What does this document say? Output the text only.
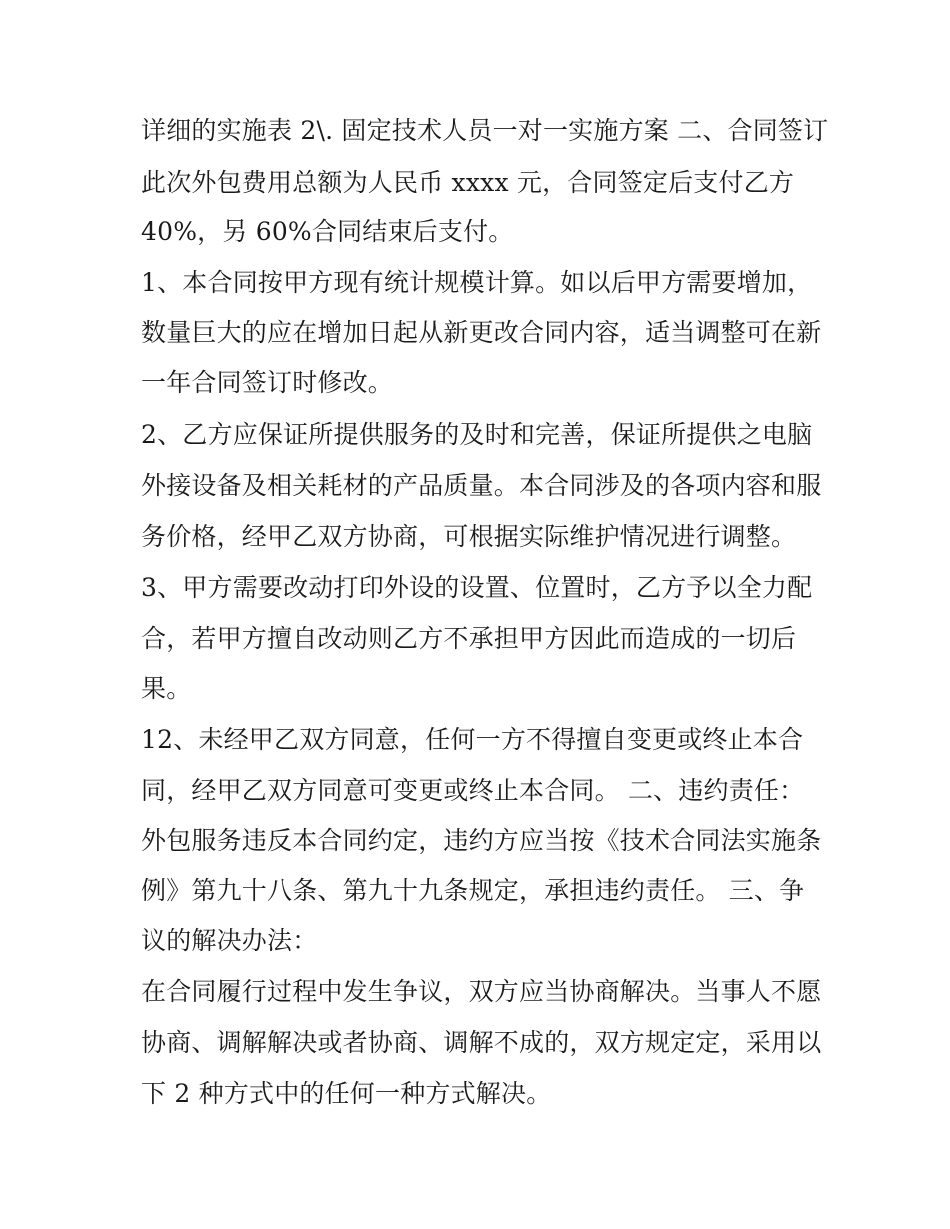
详细的实施表 2\. 固定技术人员一对一实施方案 二、合同签订
此次外包费用总额为人民币 xxxx 元，合同签定后支付乙方
40%，另 60%合同结束后支付。
1、本合同按甲方现有统计规模计算。如以后甲方需要增加，
数量巨大的应在增加日起从新更改合同内容，适当调整可在新
一年合同签订时修改。
2、乙方应保证所提供服务的及时和完善，保证所提供之电脑
外接设备及相关耗材的产品质量。本合同涉及的各项内容和服
务价格，经甲乙双方协商，可根据实际维护情况进行调整。
3、甲方需要改动打印外设的设置、位置时，乙方予以全力配
合，若甲方擅自改动则乙方不承担甲方因此而造成的一切后
果。
12、未经甲乙双方同意，任何一方不得擅自变更或终止本合
同，经甲乙双方同意可变更或终止本合同。 二、违约责任：
外包服务违反本合同约定，违约方应当按《技术合同法实施条
例》第九十八条、第九十九条规定，承担违约责任。 三、争
议的解决办法：
在合同履行过程中发生争议，双方应当协商解决。当事人不愿
协商、调解解决或者协商、调解不成的，双方规定定，采用以
下 2 种方式中的任何一种方式解决。
